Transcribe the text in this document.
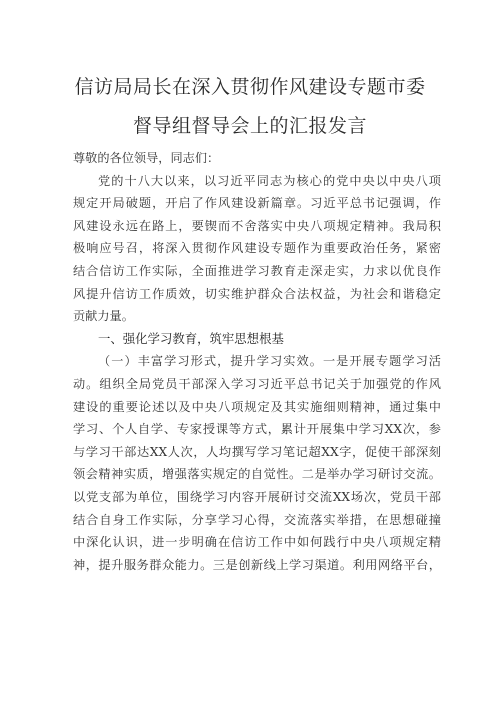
信访局局长在深入贯彻作风建设专题市委
督导组督导会上的汇报发言
尊敬的各位领导，同志们：
党的十八大以来，以习近平同志为核心的党中央以中央八项
规定开局破题，开启了作风建设新篇章。习近平总书记强调，作
风建设永远在路上，要锲而不舍落实中央八项规定精神。我局积
极响应号召，将深入贯彻作风建设专题作为重要政治任务，紧密
结合信访工作实际，全面推进学习教育走深走实，力求以优良作
风提升信访工作质效，切实维护群众合法权益，为社会和谐稳定
贡献力量。
一、强化学习教育，筑牢思想根基
（一）丰富学习形式，提升学习实效。一是开展专题学习活
动。组织全局党员干部深入学习习近平总书记关于加强党的作风
建设的重要论述以及中央八项规定及其实施细则精神，通过集中
学习、个人自学、专家授课等方式，累计开展集中学习XX次，参
与学习干部达XX人次，人均撰写学习笔记超XX字，促使干部深刻
领会精神实质，增强落实规定的自觉性。二是举办学习研讨交流。
以党支部为单位，围绕学习内容开展研讨交流XX场次，党员干部
结合自身工作实际，分享学习心得，交流落实举措，在思想碰撞
中深化认识，进一步明确在信访工作中如何践行中央八项规定精
神，提升服务群众能力。三是创新线上学习渠道。利用网络平台，
